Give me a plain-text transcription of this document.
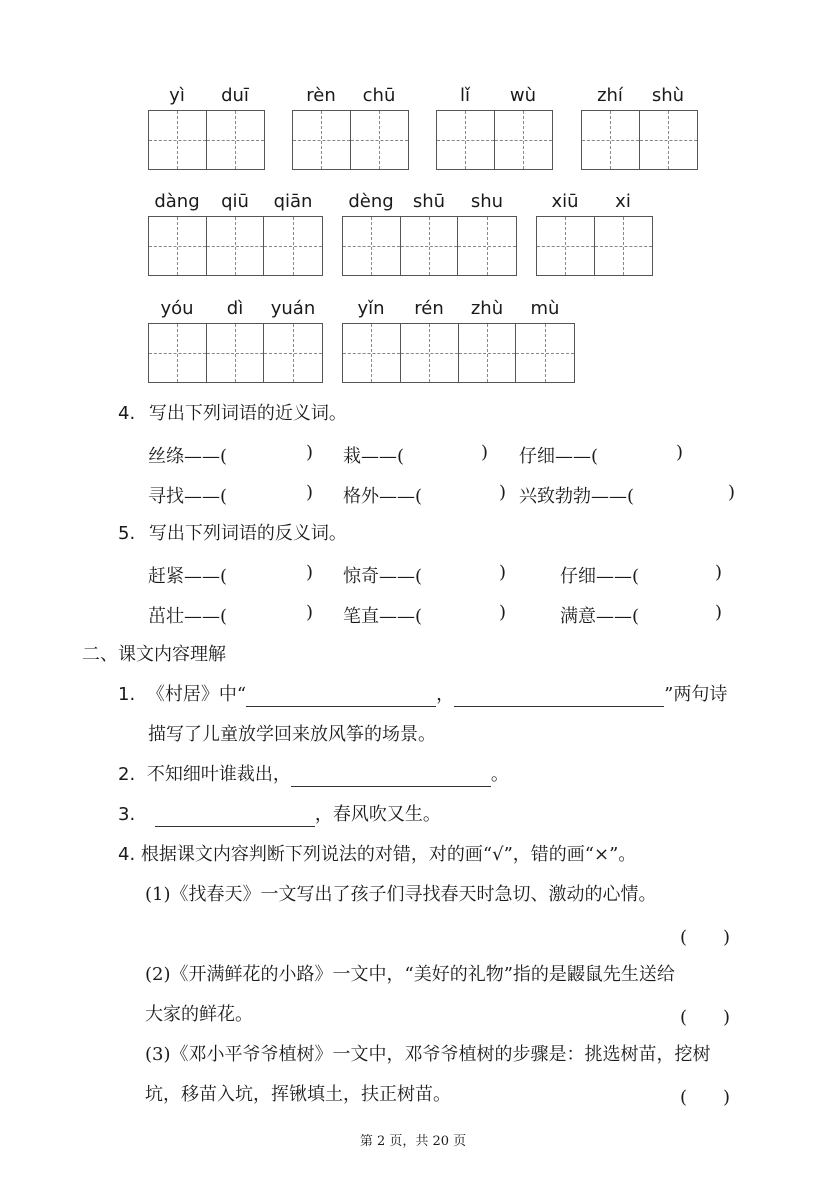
yì	duī	rèn	chū	lǐ	wù	zhí	shù
dàng	qiū	qiān	dèng	shū	shu	xiū	xi
yóu	dì	yuán	yǐn	rén	zhù	mù
4. 写出下列词语的近义词。
丝绦——(	) 栽——(	) 仔细——(	)
寻找——(	) 格外——(	) 兴致勃勃——(	)
5. 写出下列词语的反义词。
赶紧——(	) 惊奇——(	)	仔细——(	)
茁壮——(	) 笔直——(	)	满意——(	)
二、课文内容理解
1. 《村居》中“	，	”两句诗
描写了儿童放学回来放风筝的场景。
2. 不知细叶谁裁出，	。
3.	，春风吹又生。
4. 根据课文内容判断下列说法的对错，对的画“√”，错的画“×”。
(1)《找春天》一文写出了孩子们寻找春天时急切、激动的心情。
(　　)
(2)《开满鲜花的小路》一文中，“美好的礼物”指的是鼹鼠先生送给
大家的鲜花。	(　　)
(3)《邓小平爷爷植树》一文中，邓爷爷植树的步骤是：挑选树苗，挖树
坑，移苗入坑，挥锹填土，扶正树苗。	(　　)
第 2 页，共 20 页
